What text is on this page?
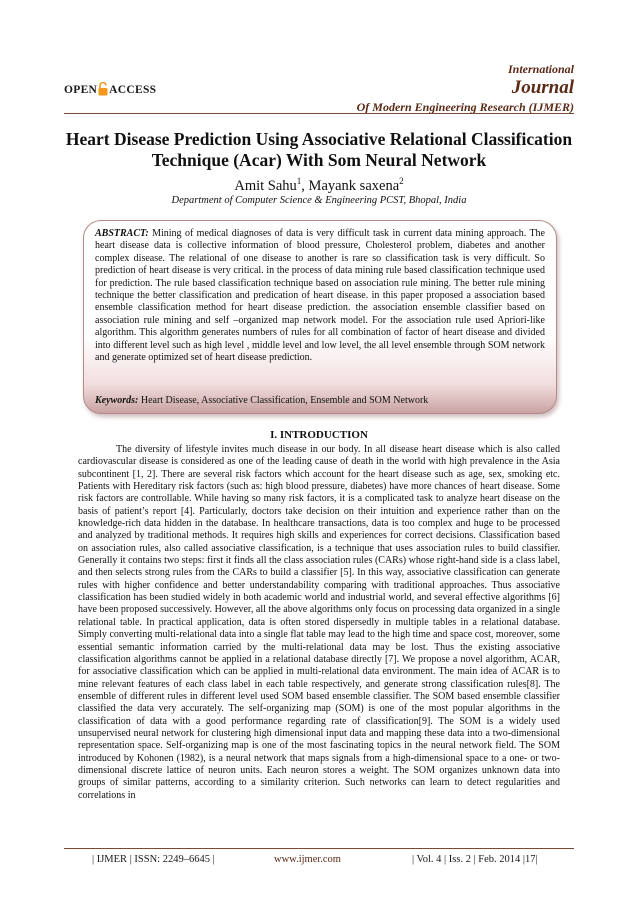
OPEN ACCESS
International
Journal
Of Modern Engineering Research (IJMER)
Heart Disease Prediction Using Associative Relational Classification Technique (Acar) With Som Neural Network
Amit Sahu$^1$, Mayank saxena$^2$
Department of Computer Science & Engineering PCST, Bhopal, India
ABSTRACT: Mining of medical diagnoses of data is very difficult task in current data mining approach. The heart disease data is collective information of blood pressure, Cholesterol problem, diabetes and another complex disease. The relational of one disease to another is rare so classification task is very difficult. So prediction of heart disease is very critical. in the process of data mining rule based classification technique used for prediction. The rule based classification technique based on association rule mining. The better rule mining technique the better classification and predication of heart disease. in this paper proposed a association based ensemble classification method for heart disease prediction. the association ensemble classifier based on association rule mining and self –organized map network model. For the association rule used Apriori-like algorithm. This algorithm generates numbers of rules for all combination of factor of heart disease and divided into different level such as high level , middle level and low level, the all level ensemble through SOM network and generate optimized set of heart disease prediction.
Keywords: Heart Disease, Associative Classification, Ensemble and SOM Network
I. INTRODUCTION
The diversity of lifestyle invites much disease in our body. In all disease heart disease which is also called cardiovascular disease is considered as one of the leading cause of death in the world with high prevalence in the Asia subcontinent [1, 2]. There are several risk factors which account for the heart disease such as age, sex, smoking etc. Patients with Hereditary risk factors (such as: high blood pressure, diabetes) have more chances of heart disease. Some risk factors are controllable. While having so many risk factors, it is a complicated task to analyze heart disease on the basis of patient’s report [4]. Particularly, doctors take decision on their intuition and experience rather than on the knowledge-rich data hidden in the database. In healthcare transactions, data is too complex and huge to be processed and analyzed by traditional methods. It requires high skills and experiences for correct decisions. Classification based on association rules, also called associative classification, is a technique that uses association rules to build classifier. Generally it contains two steps: first it finds all the class association rules (CARs) whose right-hand side is a class label, and then selects strong rules from the CARs to build a classifier [5]. In this way, associative classification can generate rules with higher confidence and better understandability comparing with traditional approaches. Thus associative classification has been studied widely in both academic world and industrial world, and several effective algorithms [6] have been proposed successively. However, all the above algorithms only focus on processing data organized in a single relational table. In practical application, data is often stored dispersedly in multiple tables in a relational database. Simply converting multi-relational data into a single flat table may lead to the high time and space cost, moreover, some essential semantic information carried by the multi-relational data may be lost. Thus the existing associative classification algorithms cannot be applied in a relational database directly [7]. We propose a novel algorithm, ACAR, for associative classification which can be applied in multi-relational data environment. The main idea of ACAR is to mine relevant features of each class label in each table respectively, and generate strong classification rules[8]. The ensemble of different rules in different level used SOM based ensemble classifier. The SOM based ensemble classifier classified the data very accurately. The self-organizing map (SOM) is one of the most popular algorithms in the classification of data with a good performance regarding rate of classification[9]. The SOM is a widely used unsupervised neural network for clustering high dimensional input data and mapping these data into a two-dimensional representation space. Self-organizing map is one of the most fascinating topics in the neural network field. The SOM introduced by Kohonen (1982), is a neural network that maps signals from a high-dimensional space to a one- or two-dimensional discrete lattice of neuron units. Each neuron stores a weight. The SOM organizes unknown data into groups of similar patterns, according to a similarity criterion. Such networks can learn to detect regularities and correlations in
| IJMER | ISSN: 2249–6645 |	www.ijmer.com	| Vol. 4 | Iss. 2 | Feb. 2014 |17|
